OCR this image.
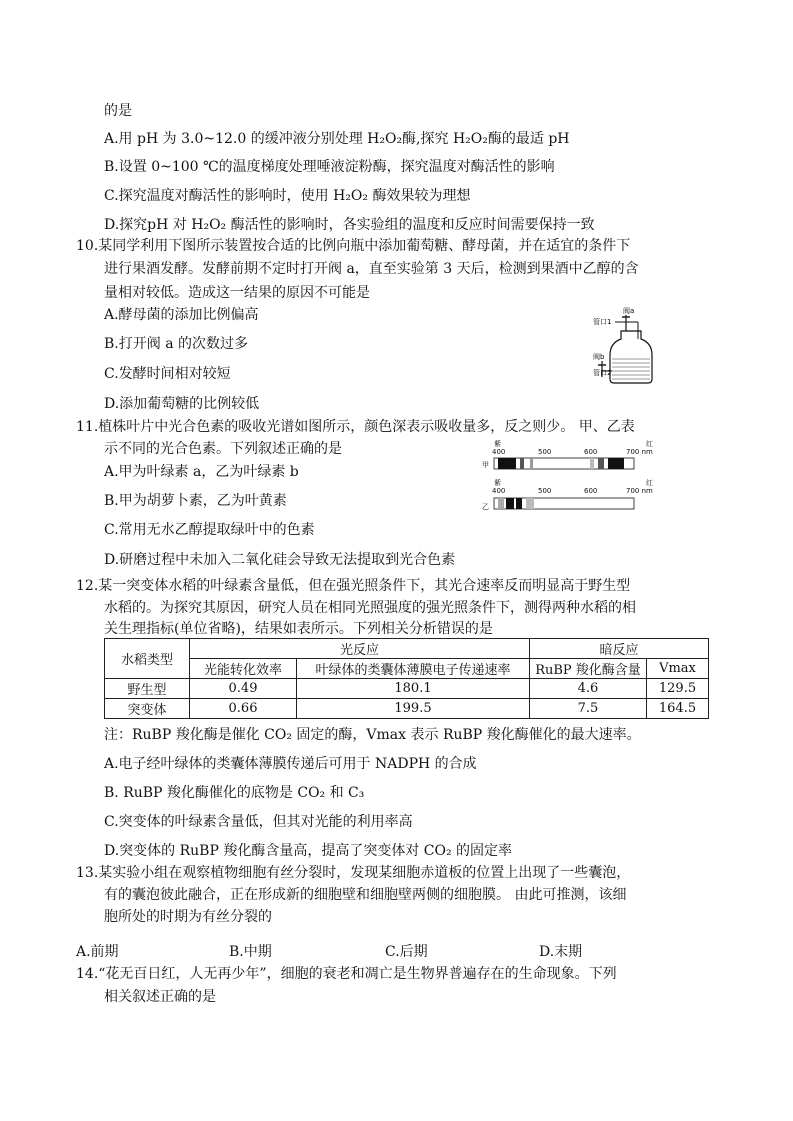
的是
A.用 pH 为 3.0~12.0 的缓冲液分别处理 H₂O₂酶,探究 H₂O₂酶的最适 pH
B.设置 0~100 ℃的温度梯度处理唾液淀粉酶，探究温度对酶活性的影响
C.探究温度对酶活性的影响时，使用 H₂O₂ 酶效果较为理想
D.探究pH 对 H₂O₂ 酶活性的影响时，各实验组的温度和反应时间需要保持一致
10.某同学利用下图所示装置按合适的比例向瓶中添加葡萄糖、酵母菌，并在适宜的条件下
进行果酒发酵。发酵前期不定时打开阀 a，直至实验第 3 天后，检测到果酒中乙醇的含
量相对较低。造成这一结果的原因不可能是
A.酵母菌的添加比例偏高
B.打开阀 a 的次数过多
C.发酵时间相对较短
D.添加葡萄糖的比例较低
阀a
管口1
阀b
管口2
11.植株叶片中光合色素的吸收光谱如图所示，颜色深表示吸收量多，反之则少。 甲、乙表
示不同的光合色素。下列叙述正确的是
A.甲为叶绿素 a，乙为叶绿素 b
B.甲为胡萝卜素，乙为叶黄素
C.常用无水乙醇提取绿叶中的色素
D.研磨过程中未加入二氧化硅会导致无法提取到光合色素
紫	红
400	500	600	700 nm
甲
紫	红
400	500	600	700 nm
乙
12.某一突变体水稻的叶绿素含量低，但在强光照条件下，其光合速率反而明显高于野生型
水稻的。为探究其原因，研究人员在相同光照强度的强光照条件下，测得两种水稻的相
关生理指标(单位省略)，结果如表所示。下列相关分析错误的是
水稻类型	光反应		暗反应	
	光能转化效率	叶绿体的类囊体薄膜电子传递速率	RuBP 羧化酶含量	Vmax
野生型	0.49	180.1	4.6	129.5
突变体	0.66	199.5	7.5	164.5
注：RuBP 羧化酶是催化 CO₂ 固定的酶，Vmax 表示 RuBP 羧化酶催化的最大速率。
A.电子经叶绿体的类囊体薄膜传递后可用于 NADPH 的合成
B. RuBP 羧化酶催化的底物是 CO₂ 和 C₃
C.突变体的叶绿素含量低，但其对光能的利用率高
D.突变体的 RuBP 羧化酶含量高，提高了突变体对 CO₂ 的固定率
13.某实验小组在观察植物细胞有丝分裂时，发现某细胞赤道板的位置上出现了一些囊泡，
有的囊泡彼此融合，正在形成新的细胞壁和细胞壁两侧的细胞膜。 由此可推测，该细
胞所处的时期为有丝分裂的
A.前期	B.中期	C.后期	D.末期
14.“花无百日红，人无再少年”，细胞的衰老和凋亡是生物界普遍存在的生命现象。下列
相关叙述正确的是
